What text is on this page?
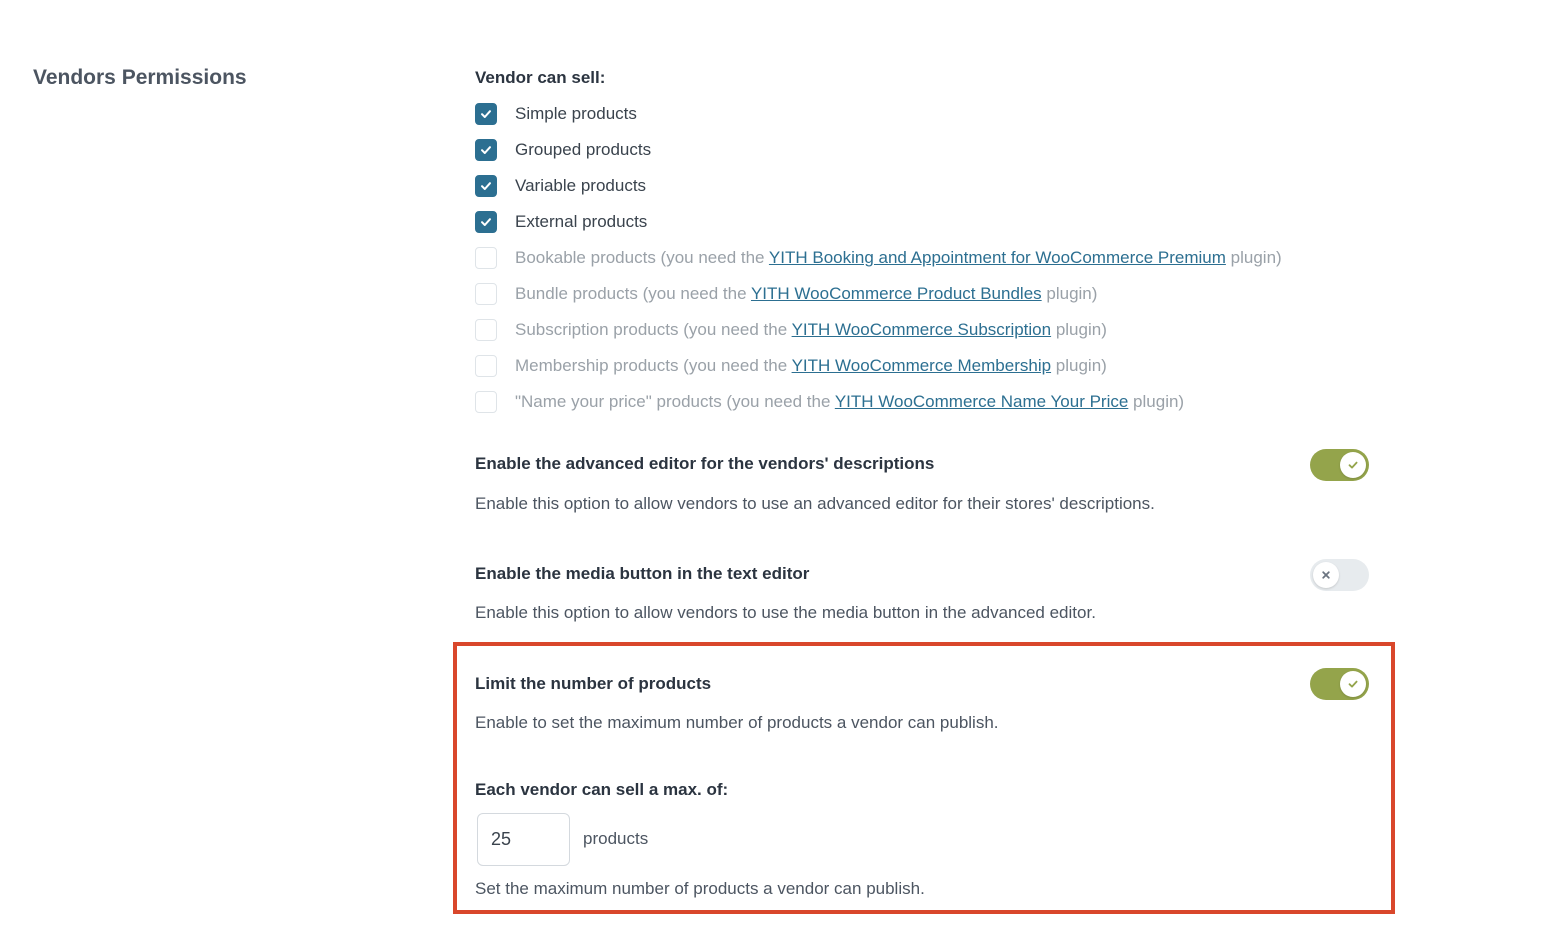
Vendors Permissions	Vendor can sell:
Simple products
Grouped products
Variable products
External products
Bookable products (you need the YITH Booking and Appointment for WooCommerce Premium plugin)
Bundle products (you need the YITH WooCommerce Product Bundles plugin)
Subscription products (you need the YITH WooCommerce Subscription plugin)
Membership products (you need the YITH WooCommerce Membership plugin)
"Name your price" products (you need the YITH WooCommerce Name Your Price plugin)
Enable the advanced editor for the vendors' descriptions
Enable this option to allow vendors to use an advanced editor for their stores' descriptions.
Enable the media button in the text editor
Enable this option to allow vendors to use the media button in the advanced editor.
Limit the number of products
Enable to set the maximum number of products a vendor can publish.
Each vendor can sell a max. of:
25
products
Set the maximum number of products a vendor can publish.
